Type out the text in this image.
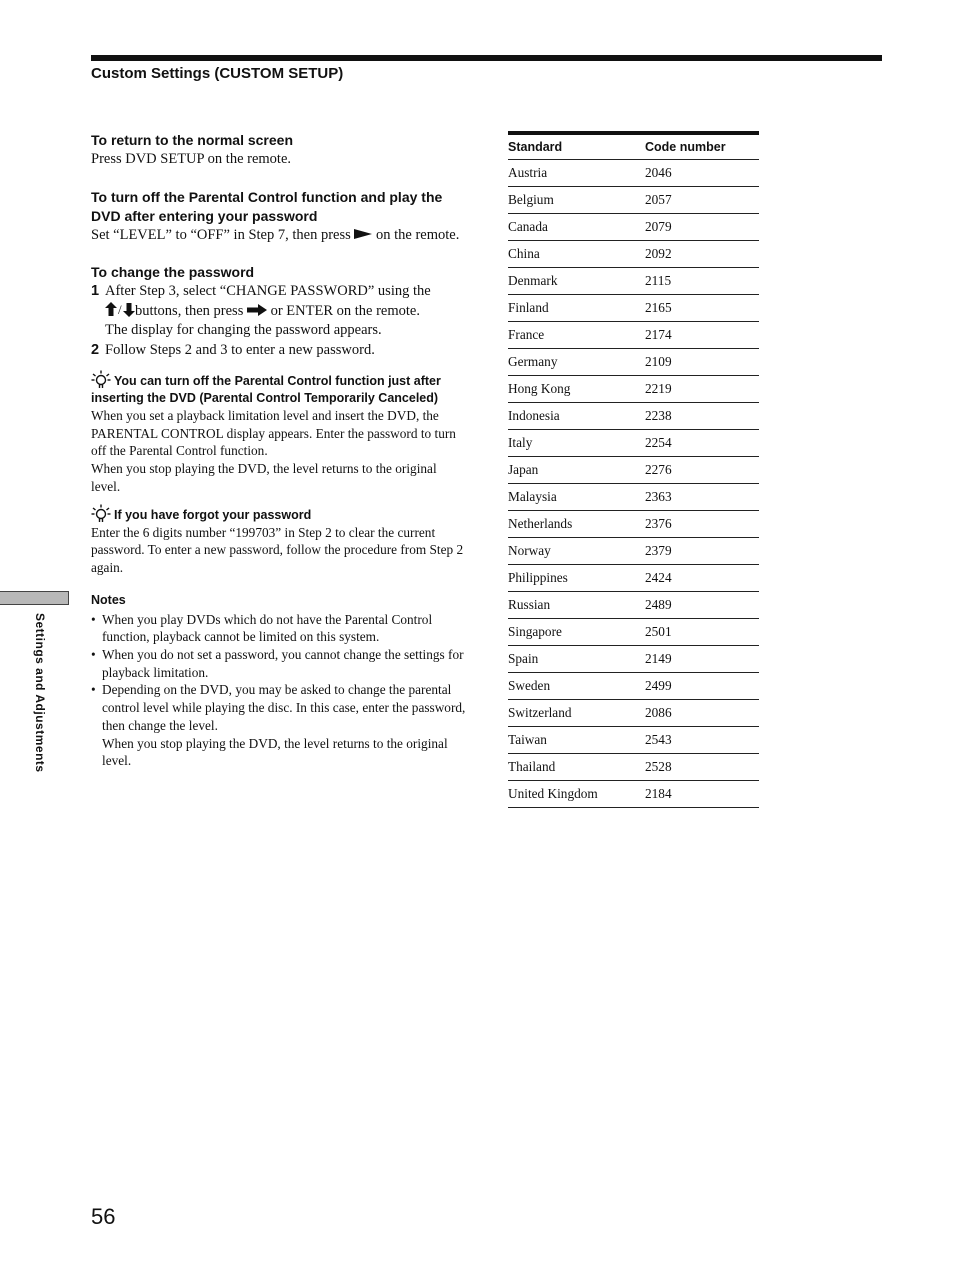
Custom Settings (CUSTOM SETUP)

To return to the normal screen

Press DVD SETUP on the remote.

To turn off the Parental Control function and play the DVD after entering your password

Set “LEVEL” to “OFF” in Step 7, then press on the remote.

To change the password

1 After Step 3, select “CHANGE PASSWORD” using the

/ buttons, then press or ENTER on the remote.
The display for changing the password appears.
2 Follow Steps 2 and 3 to enter a new password.

You can turn off the Parental Control function just after inserting the DVD (Parental Control Temporarily Canceled)

When you set a playback limitation level and insert the DVD, the PARENTAL CONTROL display appears. Enter the password to turn off the Parental Control function.

When you stop playing the DVD, the level returns to the original level.

If you have forgot your password

Enter the 6 digits number “199703” in Step 2 to clear the current password. To enter a new password, follow the procedure from Step 2 again.

Notes

• When you play DVDs which do not have the Parental Control function, playback cannot be limited on this system.
• When you do not set a password, you cannot change the settings for playback limitation.
• Depending on the DVD, you may be asked to change the parental control level while playing the disc. In this case, enter the password, then change the level.
When you stop playing the DVD, the level returns to the original level.
Standard	Code number
Austria	2046
Belgium	2057
Canada	2079
China	2092
Denmark	2115
Finland	2165
France	2174
Germany	2109
Hong Kong	2219
Indonesia	2238
Italy	2254
Japan	2276
Malaysia	2363
Netherlands	2376
Norway	2379
Philippines	2424
Russian	2489
Singapore	2501
Spain	2149
Sweden	2499
Switzerland	2086
Taiwan	2543
Thailand	2528
United Kingdom	2184
Settings and Adjustments
56
